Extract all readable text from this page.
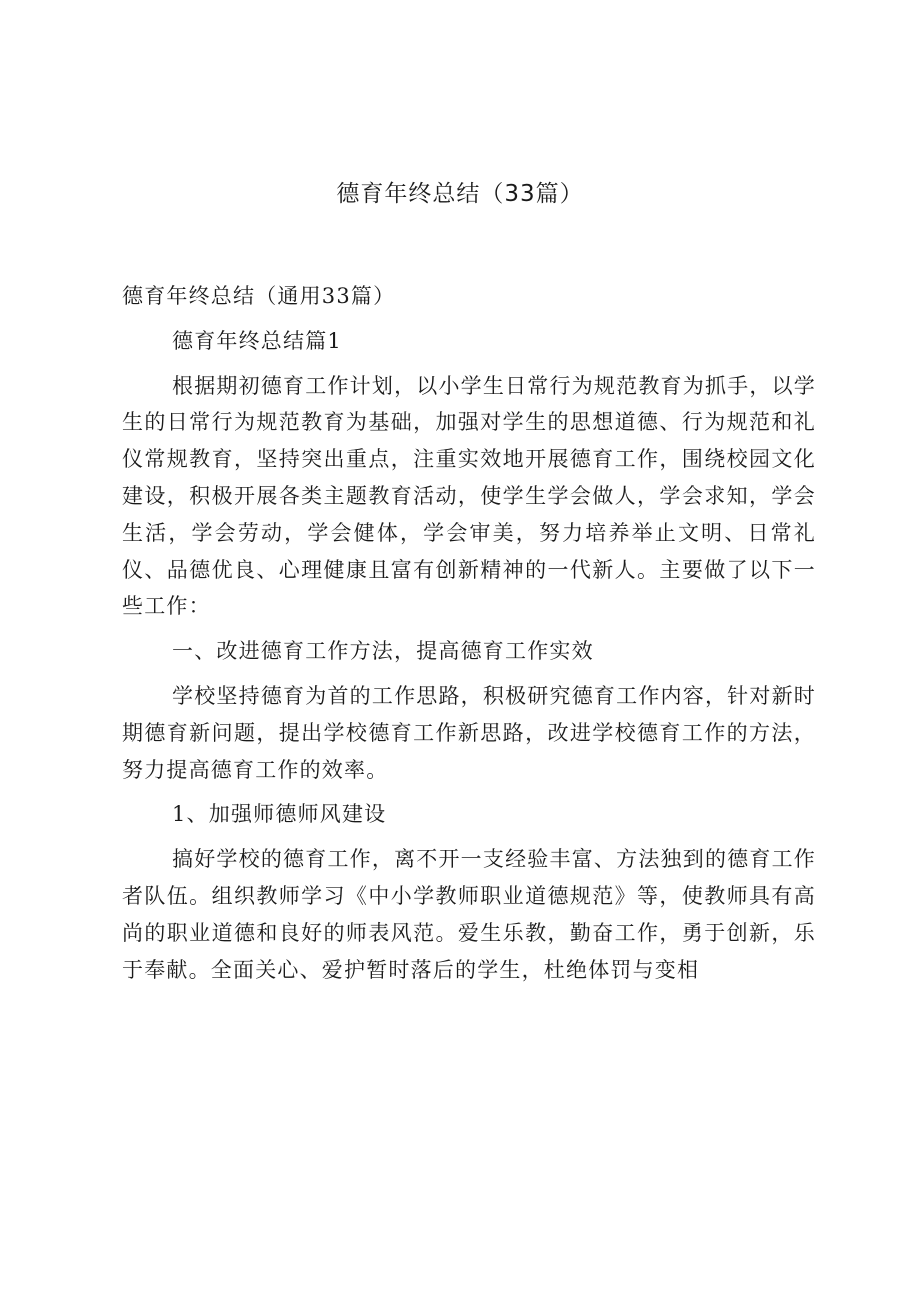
德育年终总结（33篇）

德育年终总结（通用33篇）

德育年终总结篇1

根据期初德育工作计划，以小学生日常行为规范教育为抓手，以学生的日常行为规范教育为基础，加强对学生的思想道德、行为规范和礼仪常规教育，坚持突出重点，注重实效地开展德育工作，围绕校园文化建设，积极开展各类主题教育活动，使学生学会做人，学会求知，学会生活，学会劳动，学会健体，学会审美，努力培养举止文明、日常礼仪、品德优良、心理健康且富有创新精神的一代新人。主要做了以下一些工作：

一、改进德育工作方法，提高德育工作实效

学校坚持德育为首的工作思路，积极研究德育工作内容，针对新时期德育新问题，提出学校德育工作新思路，改进学校德育工作的方法，努力提高德育工作的效率。

1、加强师德师风建设

搞好学校的德育工作，离不开一支经验丰富、方法独到的德育工作者队伍。组织教师学习《中小学教师职业道德规范》等，使教师具有高尚的职业道德和良好的师表风范。爱生乐教，勤奋工作，勇于创新，乐于奉献。全面关心、爱护暂时落后的学生，杜绝体罚与变相
